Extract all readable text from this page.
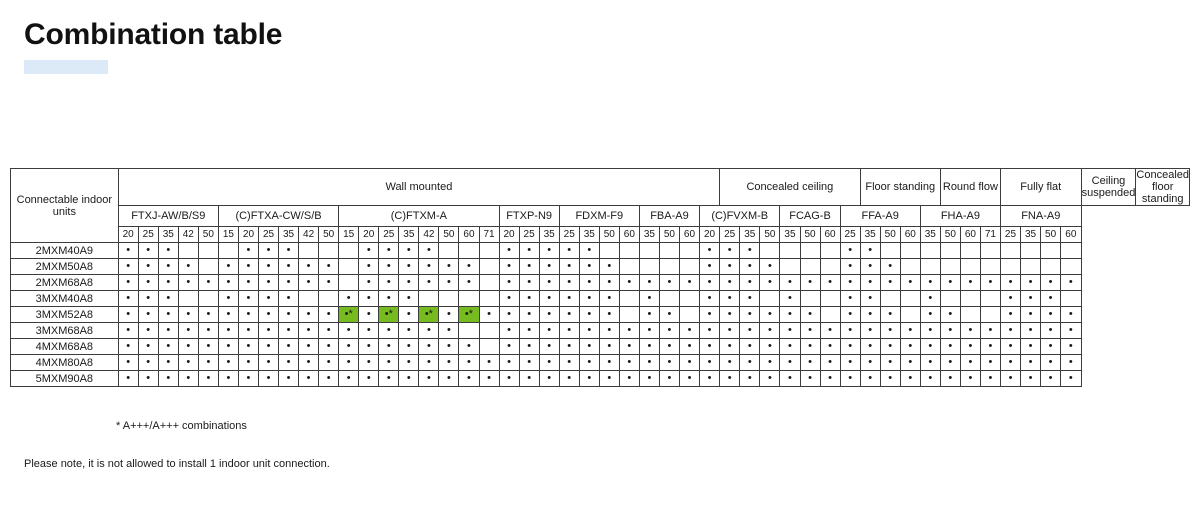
Combination table
Connectable indoor
units	Wall mounted																														Concealed ceiling							Floor standing				Round flow			Fully flat				Ceiling suspended	Concealed floor standing
	FTXJ-AW/B/S9					(C)FTXA-CW/S/B						(C)FTXM-A								FTXP-N9			FDXM-F9				FBA-A9			(C)FVXM-B				FCAG-B			FFA-A9				FHA-A9				FNA-A9					
	20	25	35	42	50	15	20	25	35	42	50	15	20	25	35	42	50	60	71	20	25	35	25	35	50	60	35	50	60	20	25	35	50	35	50	60	25	35	50	60	35	50	60	71	25	35	50	60		
2MXM40A9	•	•	•				•	•	•				•	•	•	•				•	•	•	•	•						•	•	•					•	•												
2MXM50A8	•	•	•	•		•	•	•	•	•	•		•	•	•	•	•	•		•	•	•	•	•	•					•	•	•	•				•	•	•											
2MXM68A8	•	•	•	•	•	•	•	•	•	•	•		•	•	•	•	•	•		•	•	•	•	•	•	•	•	•	•	•	•	•	•	•	•	•	•	•	•	•	•	•	•	•	•	•	•	•		
3MXM40A8	•	•	•			•	•	•	•			•	•	•	•					•	•	•	•	•	•		•			•	•	•		•			•	•			•				•	•	•			
3MXM52A8	•	•	•	•	•	•	•	•	•	•	•	•*	•	•*	•	•*	•	•*	•	•	•	•	•	•	•		•	•		•	•	•	•	•	•		•	•	•		•	•			•	•	•	•		
3MXM68A8	•	•	•	•	•	•	•	•	•	•	•	•	•	•	•	•	•			•	•	•	•	•	•	•	•	•	•	•	•	•	•	•	•	•	•	•	•	•	•	•	•	•	•	•	•	•		
4MXM68A8	•	•	•	•	•	•	•	•	•	•	•	•	•	•	•	•	•	•		•	•	•	•	•	•	•	•	•	•	•	•	•	•	•	•	•	•	•	•	•	•	•	•	•	•	•	•	•		
4MXM80A8	•	•	•	•	•	•	•	•	•	•	•	•	•	•	•	•	•	•	•	•	•	•	•	•	•	•	•	•	•	•	•	•	•	•	•	•	•	•	•	•	•	•	•	•	•	•	•	•		
5MXM90A8	•	•	•	•	•	•	•	•	•	•	•	•	•	•	•	•	•	•	•	•	•	•	•	•	•	•	•	•	•	•	•	•	•	•	•	•	•	•	•	•	•	•	•	•	•	•	•	•		
* A+++/A+++ combinations
Please note, it is not allowed to install 1 indoor unit connection.
